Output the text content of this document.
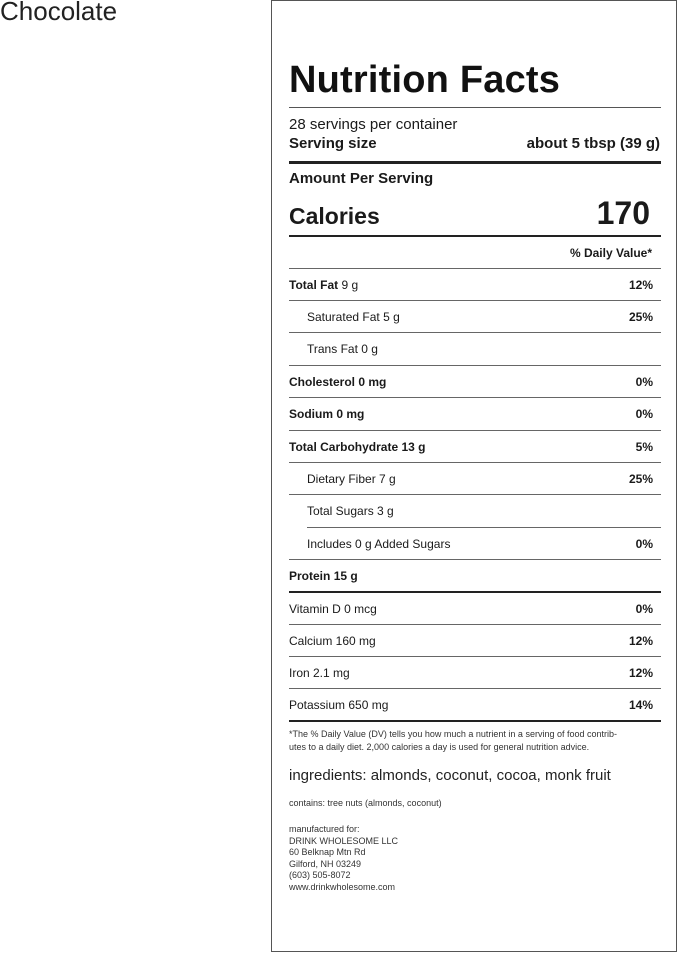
Chocolate
Nutrition Facts
28 servings per container
Serving size	about 5 tbsp (39 g)
Amount Per Serving
Calories	170
% Daily Value*
Total Fat 9 g	12%
Saturated Fat 5 g	25%
Trans Fat 0 g
Cholesterol 0 mg	0%
Sodium 0 mg	0%
Total Carbohydrate 13 g	5%
Dietary Fiber 7 g	25%
Total Sugars 3 g
Includes 0 g Added Sugars	0%
Protein 15 g
Vitamin D 0 mcg	0%
Calcium 160 mg	12%
Iron 2.1 mg	12%
Potassium 650 mg	14%
*The % Daily Value (DV) tells you how much a nutrient in a serving of food contrib-
utes to a daily diet. 2,000 calories a day is used for general nutrition advice.
ingredients: almonds, coconut, cocoa, monk fruit
contains: tree nuts (almonds, coconut)
manufactured for:
DRINK WHOLESOME LLC
60 Belknap Mtn Rd
Gilford, NH 03249
(603) 505-8072
www.drinkwholesome.com
